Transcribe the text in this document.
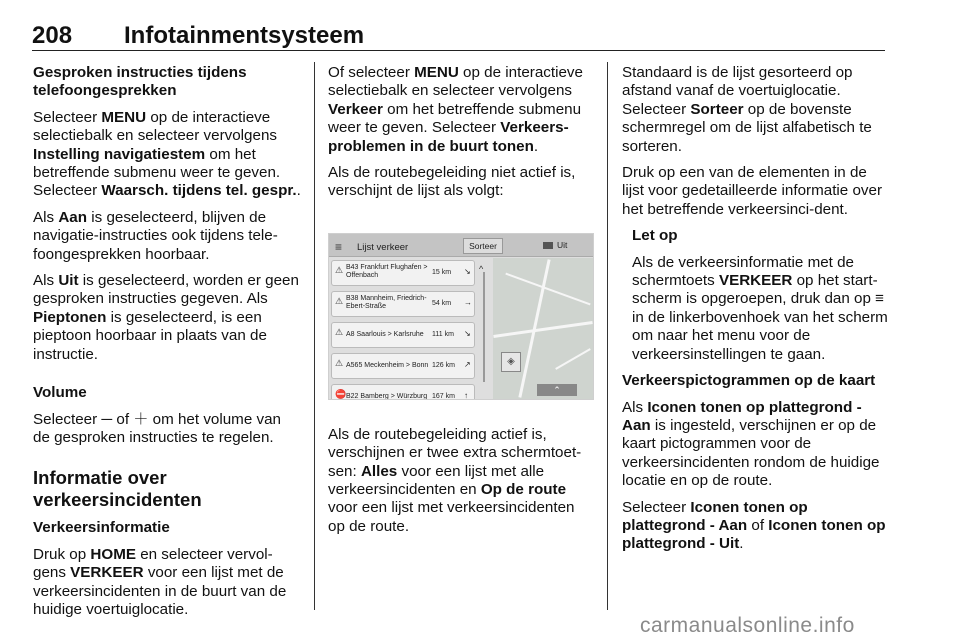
208 Infotainmentsysteem

Gesproken instructies tijdens telefoongesprekken

Selecteer MENU op de interactieve selectiebalk en selecteer vervolgens Instelling navigatiestem om het betreffende submenu weer te geven. Selecteer Waarsch. tijdens tel. gespr..

Als Aan is geselecteerd, blijven de navigatie-instructies ook tijdens tele-foongesprekken hoorbaar.

Als Uit is geselecteerd, worden er geen gesproken instructies gegeven. Als Pieptonen is geselecteerd, is een pieptoon hoorbaar in plaats van de instructie.

Volume

Selecteer ─ of ＋ om het volume van de gesproken instructies te regelen.

Informatie over verkeersincidenten

Verkeersinformatie

Druk op HOME en selecteer vervol-gens VERKEER voor een lijst met de verkeersincidenten in de buurt van de huidige voertuiglocatie.

Of selecteer MENU op de interactieve selectiebalk en selecteer vervolgens Verkeer om het betreffende submenu weer te geven. Selecteer Verkeers-problemen in de buurt tonen.

Als de routebegeleiding niet actief is, verschijnt de lijst als volgt:

≡ Lijst verkeer	Sorteer	Uit
⚠ B43 Frankfurt Flughafen > Offenbach	15 km ↘
⚠ B38 Mannheim, Friedrich-Ebert-Straße	54 km →
⚠ A8 Saarlouis > Karlsruhe	111 km ↘
⚠ A565 Meckenheim > Bonn 126 km ↗
⛔ B22 Bamberg > Würzburg 167 km ↑
^
◈
⌃

Als de routebegeleiding actief is, verschijnen er twee extra schermtoet-sen: Alles voor een lijst met alle verkeersincidenten en Op de route voor een lijst met verkeersincidenten op de route.

Standaard is de lijst gesorteerd op afstand vanaf de voertuiglocatie. Selecteer Sorteer op de bovenste schermregel om de lijst alfabetisch te sorteren.

Druk op een van de elementen in de lijst voor gedetailleerde informatie over het betreffende verkeersinci-dent.

Let op

Als de verkeersinformatie met de schermtoets VERKEER op het start-scherm is opgeroepen, druk dan op ≡ in de linkerbovenhoek van het scherm om naar het menu voor de verkeersinstellingen te gaan.

Verkeerspictogrammen op de kaart

Als Iconen tonen op plattegrond - Aan is ingesteld, verschijnen er op de kaart pictogrammen voor de verkeersincidenten rondom de huidige locatie en op de route.

Selecteer Iconen tonen op plattegrond - Aan of Iconen tonen op plattegrond - Uit.

carmanualsonline.info
